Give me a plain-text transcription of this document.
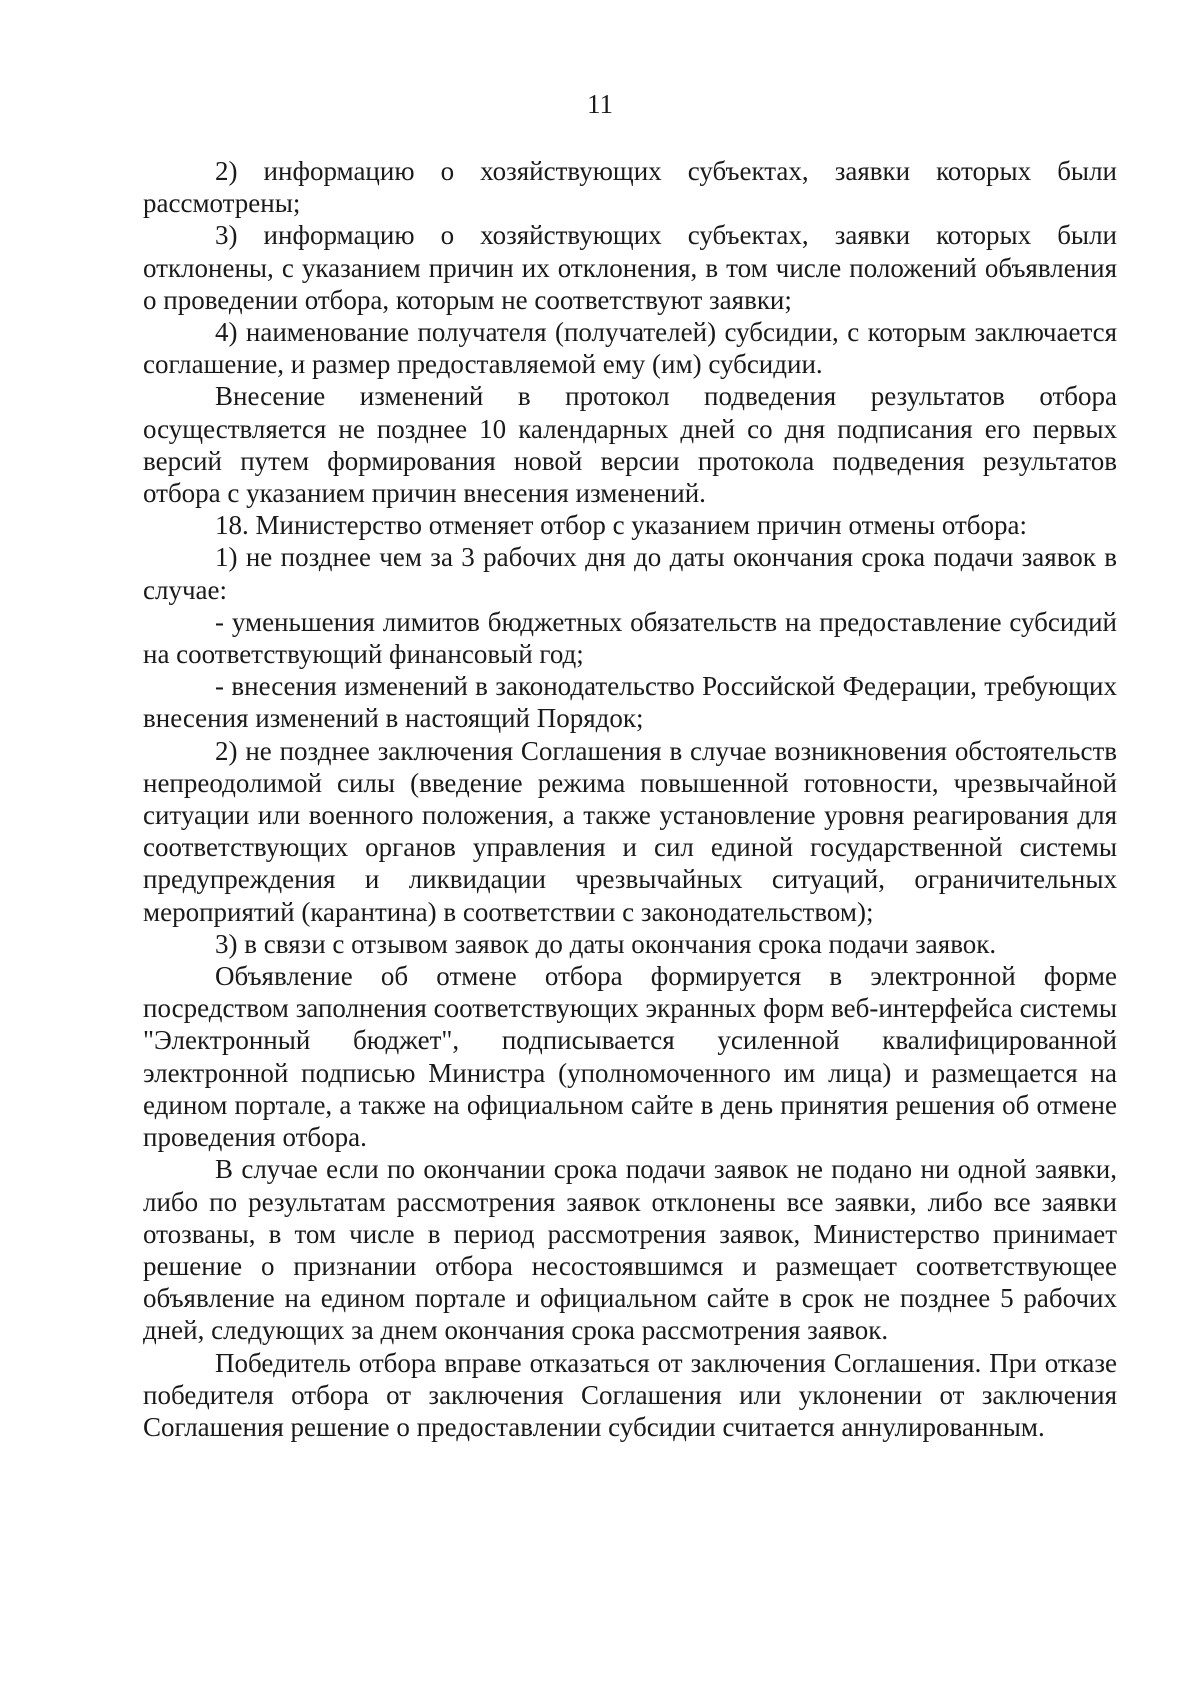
11

2) информацию о хозяйствующих субъектах, заявки которых были рассмотрены;

3) информацию о хозяйствующих субъектах, заявки которых были отклонены, с указанием причин их отклонения, в том числе положений объявления о проведении отбора, которым не соответствуют заявки;

4) наименование получателя (получателей) субсидии, с которым заключается соглашение, и размер предоставляемой ему (им) субсидии.

Внесение изменений в протокол подведения результатов отбора осуществляется не позднее 10 календарных дней со дня подписания его первых версий путем формирования новой версии протокола подведения результатов отбора с указанием причин внесения изменений.

18. Министерство отменяет отбор с указанием причин отмены отбора:

1) не позднее чем за 3 рабочих дня до даты окончания срока подачи заявок в случае:

- уменьшения лимитов бюджетных обязательств на предоставление субсидий на соответствующий финансовый год;

- внесения изменений в законодательство Российской Федерации, требующих внесения изменений в настоящий Порядок;

2) не позднее заключения Соглашения в случае возникновения обстоятельств непреодолимой силы (введение режима повышенной готовности, чрезвычайной ситуации или военного положения, а также установление уровня реагирования для соответствующих органов управления и сил единой государственной системы предупреждения и ликвидации чрезвычайных ситуаций, ограничительных мероприятий (карантина) в соответствии с законодательством);

3) в связи с отзывом заявок до даты окончания срока подачи заявок.

Объявление об отмене отбора формируется в электронной форме посредством заполнения соответствующих экранных форм веб-интерфейса системы "Электронный бюджет", подписывается усиленной квалифицированной электронной подписью Министра (уполномоченного им лица) и размещается на едином портале, а также на официальном сайте в день принятия решения об отмене проведения отбора.

В случае если по окончании срока подачи заявок не подано ни одной заявки, либо по результатам рассмотрения заявок отклонены все заявки, либо все заявки отозваны, в том числе в период рассмотрения заявок, Министерство принимает решение о признании отбора несостоявшимся и размещает соответствующее объявление на едином портале и официальном сайте в срок не позднее 5 рабочих дней, следующих за днем окончания срока рассмотрения заявок.

Победитель отбора вправе отказаться от заключения Соглашения. При отказе победителя отбора от заключения Соглашения или уклонении от заключения Соглашения решение о предоставлении субсидии считается аннулированным.
